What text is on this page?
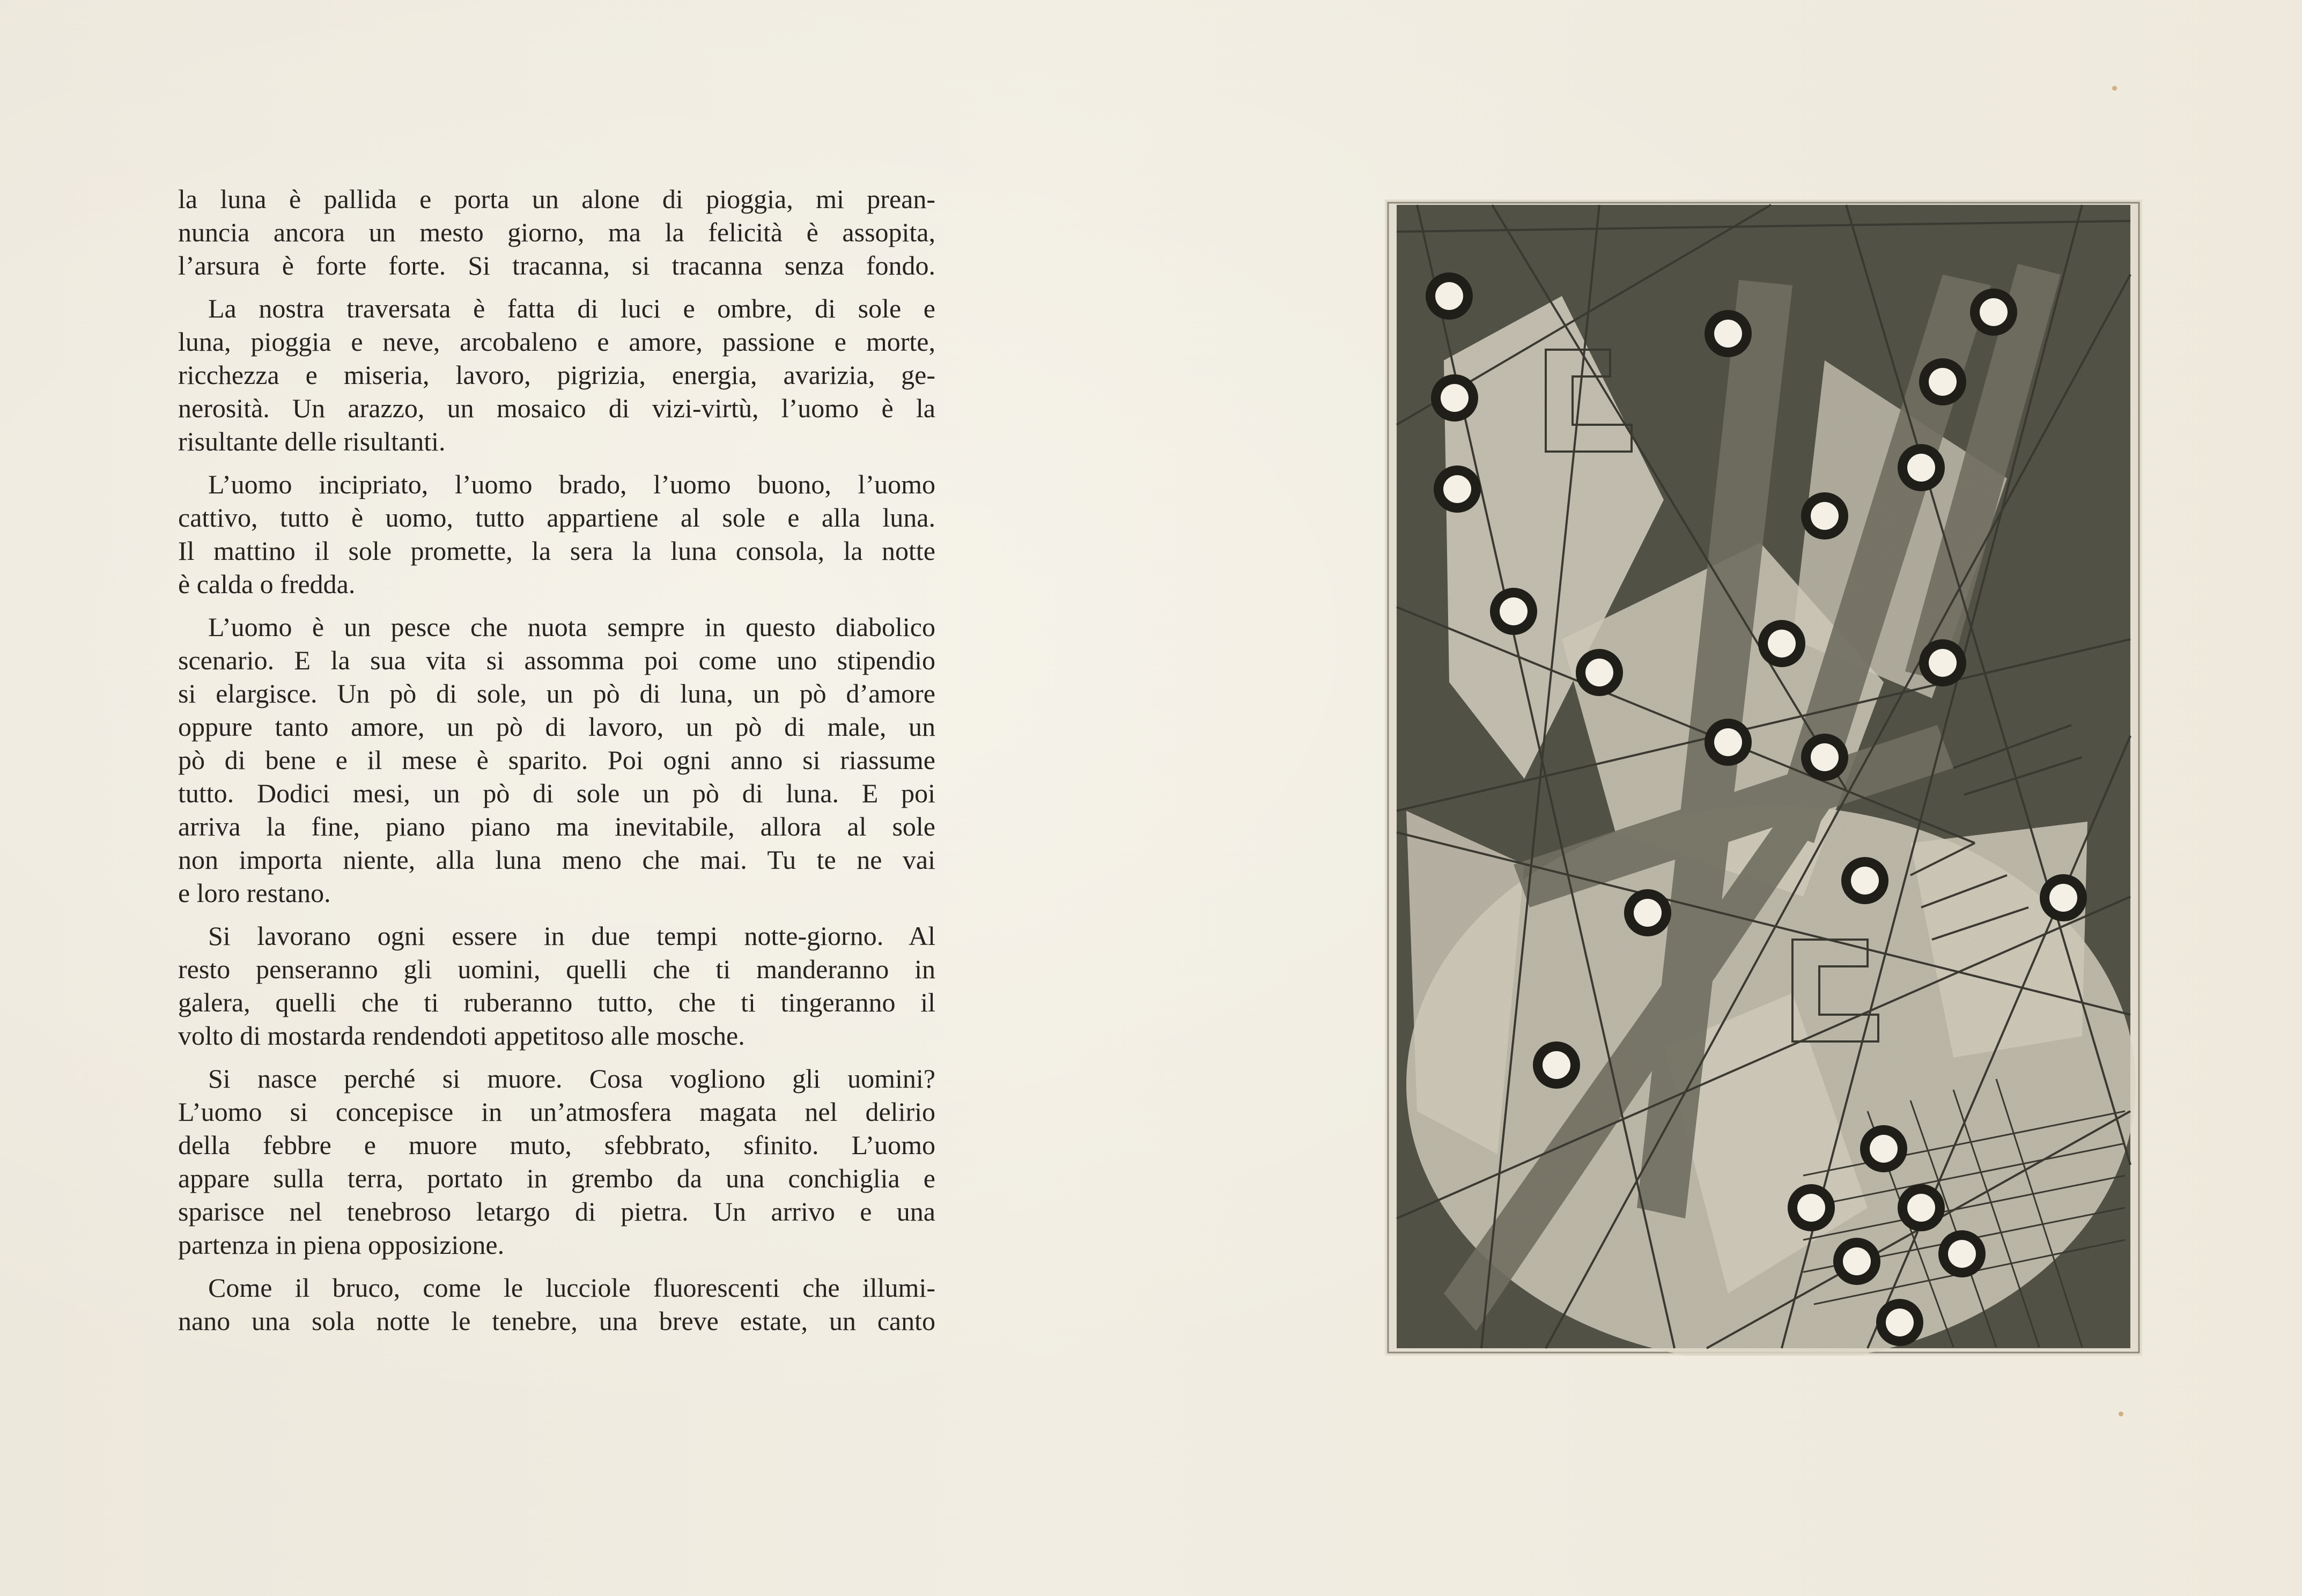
la luna è pallida e porta un alone di pioggia, mi prean-
nuncia ancora un mesto giorno, ma la felicità è assopita,
l’arsura è forte forte. Si tracanna, si tracanna senza fondo.
La nostra traversata è fatta di luci e ombre, di sole e
luna, pioggia e neve, arcobaleno e amore, passione e morte,
ricchezza e miseria, lavoro, pigrizia, energia, avarizia, ge-
nerosità. Un arazzo, un mosaico di vizi-virtù, l’uomo è la
risultante delle risultanti.
L’uomo incipriato, l’uomo brado, l’uomo buono, l’uomo
cattivo, tutto è uomo, tutto appartiene al sole e alla luna.
Il mattino il sole promette, la sera la luna consola, la notte
è calda o fredda.
L’uomo è un pesce che nuota sempre in questo diabolico
scenario. E la sua vita si assomma poi come uno stipendio
si elargisce. Un pò di sole, un pò di luna, un pò d’amore
oppure tanto amore, un pò di lavoro, un pò di male, un
pò di bene e il mese è sparito. Poi ogni anno si riassume
tutto. Dodici mesi, un pò di sole un pò di luna. E poi
arriva la fine, piano piano ma inevitabile, allora al sole
non importa niente, alla luna meno che mai. Tu te ne vai
e loro restano.
Si lavorano ogni essere in due tempi notte-giorno. Al
resto penseranno gli uomini, quelli che ti manderanno in
galera, quelli che ti ruberanno tutto, che ti tingeranno il
volto di mostarda rendendoti appetitoso alle mosche.
Si nasce perché si muore. Cosa vogliono gli uomini?
L’uomo si concepisce in un’atmosfera magata nel delirio
della febbre e muore muto, sfebbrato, sfinito. L’uomo
appare sulla terra, portato in grembo da una conchiglia e
sparisce nel tenebroso letargo di pietra. Un arrivo e una
partenza in piena opposizione.
Come il bruco, come le lucciole fluorescenti che illumi-
nano una sola notte le tenebre, una breve estate, un canto
